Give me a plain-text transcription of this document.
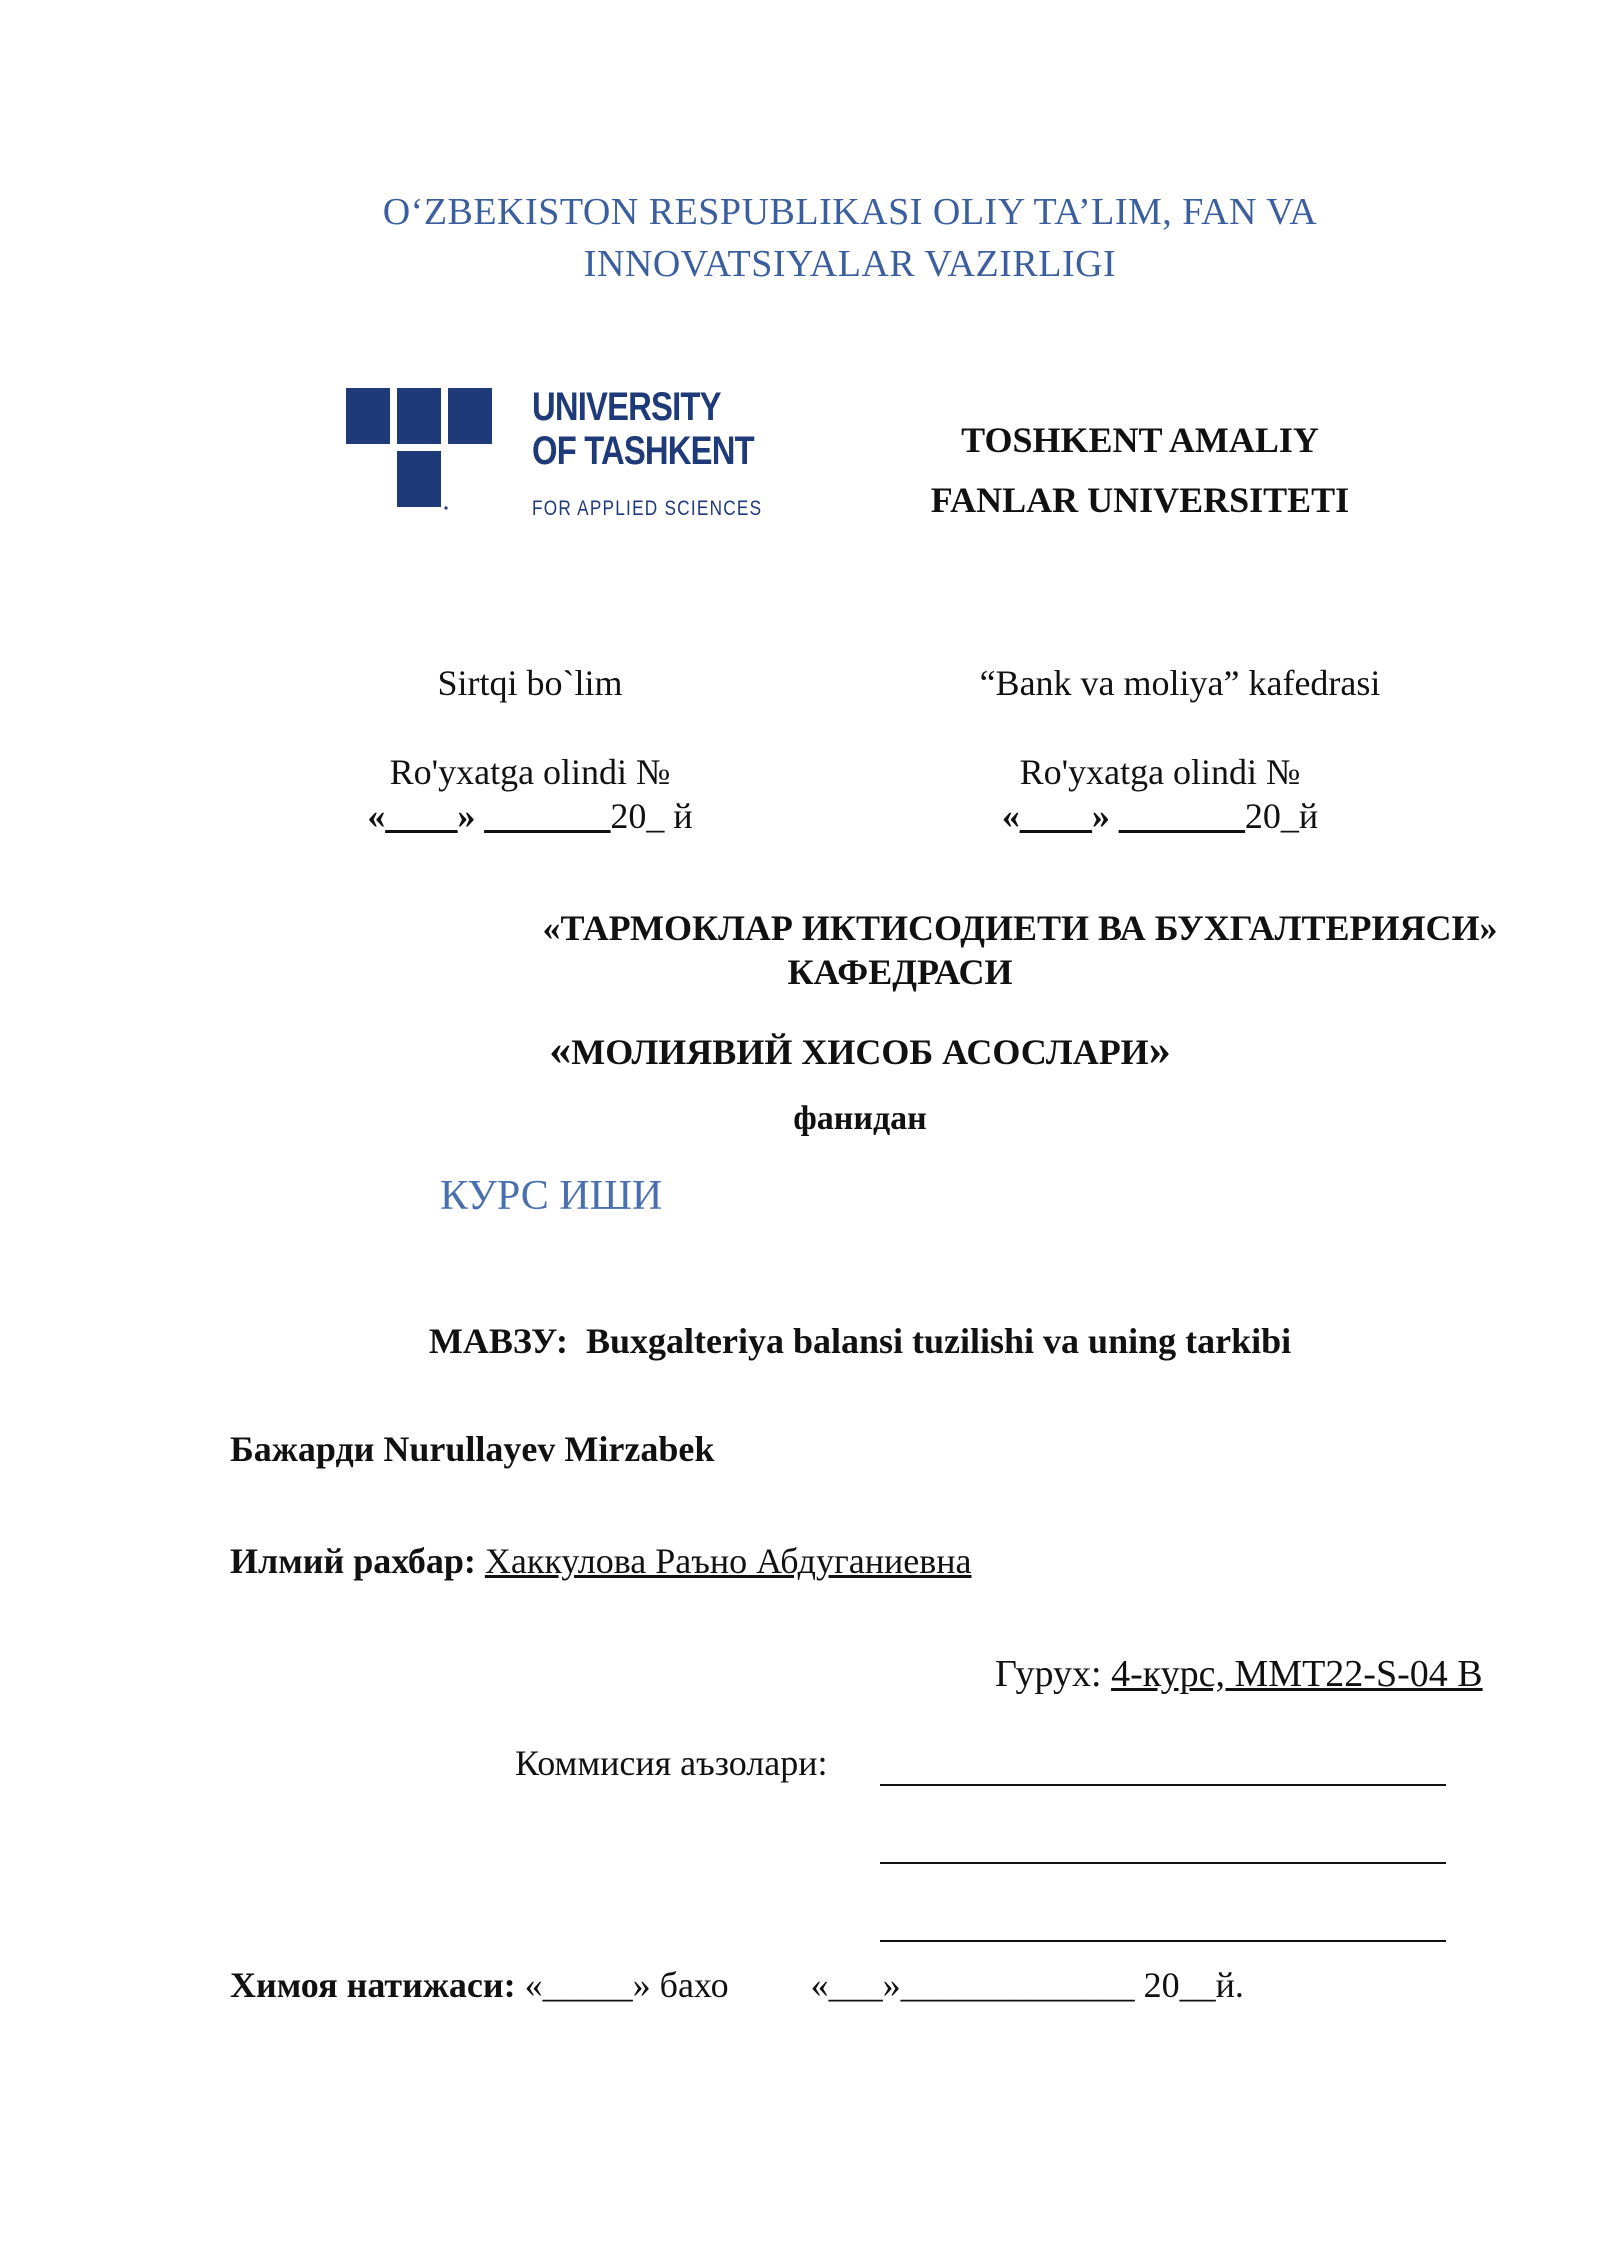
O‘ZBEKISTON RESPUBLIKASI OLIY TA’LIM, FAN VA
INNOVATSIYALAR VAZIRLIGI
UNIVERSITY
OF TASHKENT
FOR APPLIED SCIENCES
TOSHKENT AMALIY
FANLAR UNIVERSITETI
Sirtqi bo`lim	“Bank va moliya” kafedrasi
Ro'yxatga olindi №
«____» _______20_ й
Ro'yxatga olindi №
«____» _______20_й
«ТАРМОКЛАР ИКТИСОДИЕТИ ВА БУХГАЛТЕРИЯСИ»
КАФЕДРАСИ
«МОЛИЯВИЙ ХИСОБ АСОСЛАРИ»
фанидан
КУРС ИШИ
МАВЗУ: Buxgalteriya balansi tuzilishi va uning tarkibi
Бажарди Nurullayev Mirzabek
Илмий рахбар: Хаккулова Раъно Абдуганиевна
Гурух: 4-курс, ММТ22-S-04 B
Коммисия аъзолари:
Химоя натижаси: «_____» бахо «___»_____________ 20__й.
